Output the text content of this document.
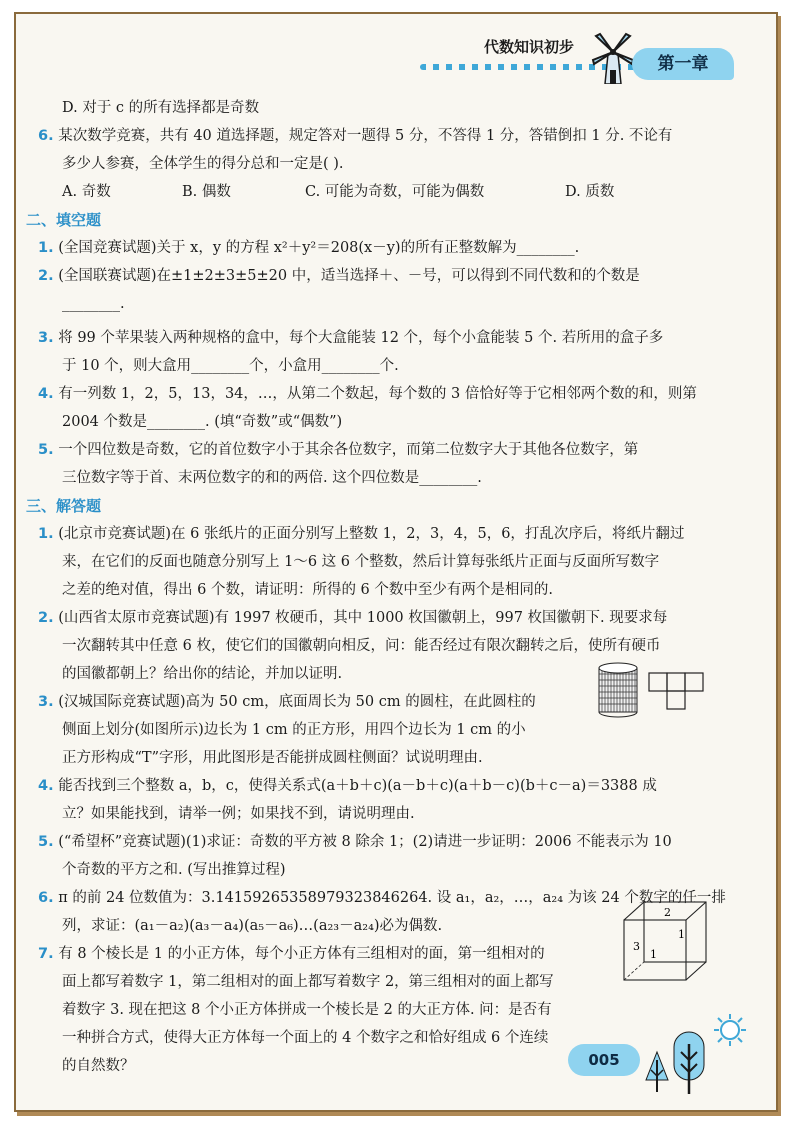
代数知识初步
第一章
D. 对于 c 的所有选择都是奇数
6. 某次数学竞赛，共有 40 道选择题，规定答对一题得 5 分，不答得 1 分，答错倒扣 1 分. 不论有
多少人参赛，全体学生的得分总和一定是( ).
A. 奇数	B. 偶数	C. 可能为奇数，可能为偶数	D. 质数
二、填空题
1. (全国竞赛试题)关于 x，y 的方程 x²＋y²＝208(x－y)的所有正整数解为________.
2. (全国联赛试题)在±1±2±3±5±20 中，适当选择＋、－号，可以得到不同代数和的个数是
________.
3. 将 99 个苹果装入两种规格的盒中，每个大盒能装 12 个，每个小盒能装 5 个. 若所用的盒子多
于 10 个，则大盒用________个，小盒用________个.
4. 有一列数 1，2，5，13，34，…，从第二个数起，每个数的 3 倍恰好等于它相邻两个数的和，则第
2004 个数是________. (填“奇数”或“偶数”)
5. 一个四位数是奇数，它的首位数字小于其余各位数字，而第二位数字大于其他各位数字，第
三位数字等于首、末两位数字的和的两倍. 这个四位数是________.
三、解答题
1. (北京市竞赛试题)在 6 张纸片的正面分别写上整数 1，2，3，4，5，6，打乱次序后，将纸片翻过
来，在它们的反面也随意分别写上 1～6 这 6 个整数，然后计算每张纸片正面与反面所写数字
之差的绝对值，得出 6 个数，请证明：所得的 6 个数中至少有两个是相同的.
2. (山西省太原市竞赛试题)有 1997 枚硬币，其中 1000 枚国徽朝上，997 枚国徽朝下. 现要求每
一次翻转其中任意 6 枚，使它们的国徽朝向相反，问：能否经过有限次翻转之后，使所有硬币
的国徽都朝上？给出你的结论，并加以证明.
3. (汉城国际竞赛试题)高为 50 cm，底面周长为 50 cm 的圆柱，在此圆柱的
侧面上划分(如图所示)边长为 1 cm 的正方形，用四个边长为 1 cm 的小
正方形构成“T”字形，用此图形是否能拼成圆柱侧面？试说明理由.
4. 能否找到三个整数 a，b，c，使得关系式(a＋b＋c)(a－b＋c)(a＋b－c)(b＋c－a)＝3388 成
立？如果能找到，请举一例；如果找不到，请说明理由.
5. (“希望杯”竞赛试题)(1)求证：奇数的平方被 8 除余 1；(2)请进一步证明：2006 不能表示为 10
个奇数的平方之和. (写出推算过程)
6. π 的前 24 位数值为：3.14159265358979323846264. 设 a₁，a₂，…，a₂₄ 为该 24 个数字的任一排
列，求证：(a₁－a₂)(a₃－a₄)(a₅－a₆)…(a₂₃－a₂₄)必为偶数.
7. 有 8 个棱长是 1 的小正方体，每个小正方体有三组相对的面，第一组相对的
面上都写着数字 1，第二组相对的面上都写着数字 2，第三组相对的面上都写
着数字 3. 现在把这 8 个小正方体拼成一个棱长是 2 的大正方体. 问：是否有
一种拼合方式，使得大正方体每一个面上的 4 个数字之和恰好组成 6 个连续
的自然数？
2
3
1
1
005
